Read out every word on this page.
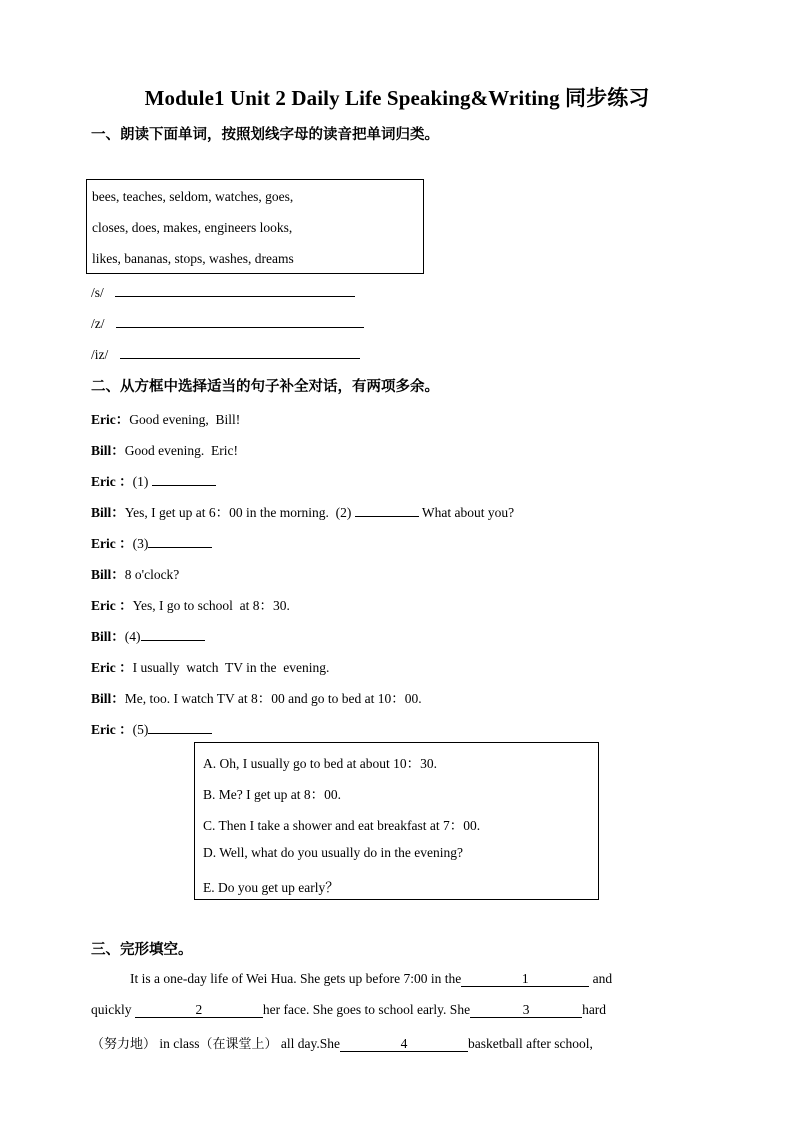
Module1 Unit 2 Daily Life Speaking&Writing 同步练习
一、朗读下面单词，按照划线字母的读音把单词归类。
bees, teaches, seldom, watches, goes,
closes, does, makes, engineers looks,
likes, bananas, stops, washes, dreams
/s/
/z/
/iz/
二、从方框中选择适当的句子补全对话，有两项多余。
Eric：Good evening,  Bill!
Bill：Good evening.  Eric!
Eric ：(1)
Bill：Yes, I get up at 6：00 in the morning.  (2)	What about you?
Eric ：(3)
Bill：8 o'clock?
Eric ：Yes, I go to school  at 8：30.
Bill：(4)
Eric ：I usually  watch  TV in the  evening.
Bill：Me, too. I watch TV at 8：00 and go to bed at 10：00.
Eric ：(5)
A. Oh, I usually go to bed at about 10：30.
B. Me? I get up at 8：00.
C. Then I take a shower and eat breakfast at 7：00.
D. Well, what do you usually do in the evening?
E. Do you get up early？
三、完形填空。
It is a one-day life of Wei Hua. She gets up before 7:00 in the	1	and
quickly	2	her face. She goes to school early. She	3	hard
（努力地） in class（在课堂上） all day.She	4	basketball after school,
